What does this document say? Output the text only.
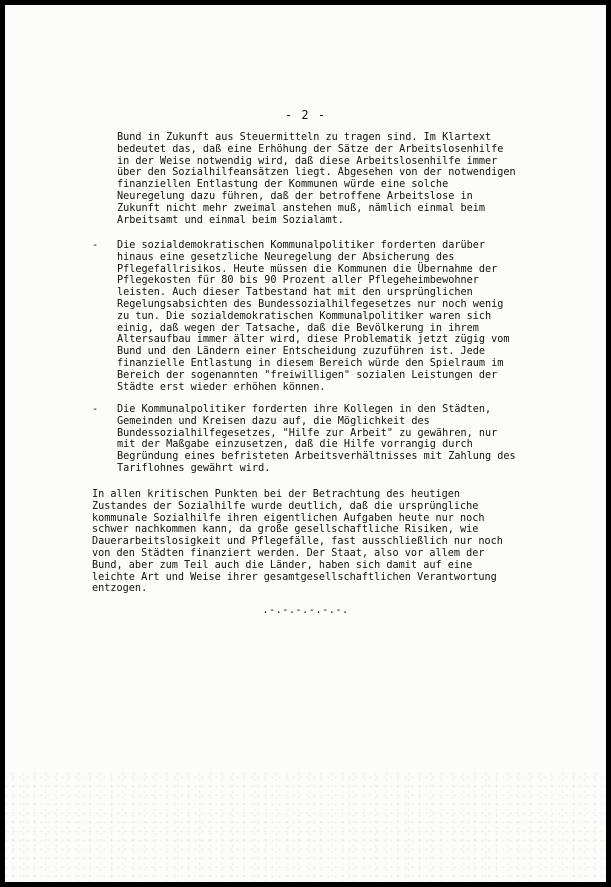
- 2 -
Bund in Zukunft aus Steuermitteln zu tragen sind. Im Klartext
bedeutet das, daß eine Erhöhung der Sätze der Arbeitslosenhilfe
in der Weise notwendig wird, daß diese Arbeitslosenhilfe immer
über den Sozialhilfeansätzen liegt. Abgesehen von der notwendigen
finanziellen Entlastung der Kommunen würde eine solche
Neuregelung dazu führen, daß der betroffene Arbeitslose in
Zukunft nicht mehr zweimal anstehen muß, nämlich einmal beim
Arbeitsamt und einmal beim Sozialamt.
- Die sozialdemokratischen Kommunalpolitiker forderten darüber
hinaus eine gesetzliche Neuregelung der Absicherung des
Pflegefallrisikos. Heute müssen die Kommunen die Übernahme der
Pflegekosten für 80 bis 90 Prozent aller Pflegeheimbewohner
leisten. Auch dieser Tatbestand hat mit den ursprünglichen
Regelungsabsichten des Bundessozialhilfegesetzes nur noch wenig
zu tun. Die sozialdemokratischen Kommunalpolitiker waren sich
einig, daß wegen der Tatsache, daß die Bevölkerung in ihrem
Altersaufbau immer älter wird, diese Problematik jetzt zügig vom
Bund und den Ländern einer Entscheidung zuzuführen ist. Jede
finanzielle Entlastung in diesem Bereich würde den Spielraum im
Bereich der sogenannten "freiwilligen" sozialen Leistungen der
Städte erst wieder erhöhen können.
- Die Kommunalpolitiker forderten ihre Kollegen in den Städten,
Gemeinden und Kreisen dazu auf, die Möglichkeit des
Bundessozialhilfegesetzes, "Hilfe zur Arbeit" zu gewähren, nur
mit der Maßgabe einzusetzen, daß die Hilfe vorrangig durch
Begründung eines befristeten Arbeitsverhältnisses mit Zahlung des
Tariflohnes gewährt wird.
In allen kritischen Punkten bei der Betrachtung des heutigen
Zustandes der Sozialhilfe wurde deutlich, daß die ursprüngliche
kommunale Sozialhilfe ihren eigentlichen Aufgaben heute nur noch
schwer nachkommen kann, da große gesellschaftliche Risiken, wie
Dauerarbeitslosigkeit und Pflegefälle, fast ausschließlich nur noch
von den Städten finanziert werden. Der Staat, also vor allem der
Bund, aber zum Teil auch die Länder, haben sich damit auf eine
leichte Art und Weise ihrer gesamtgesellschaftlichen Verantwortung
entzogen.
.-.-.-.-.-.-.
